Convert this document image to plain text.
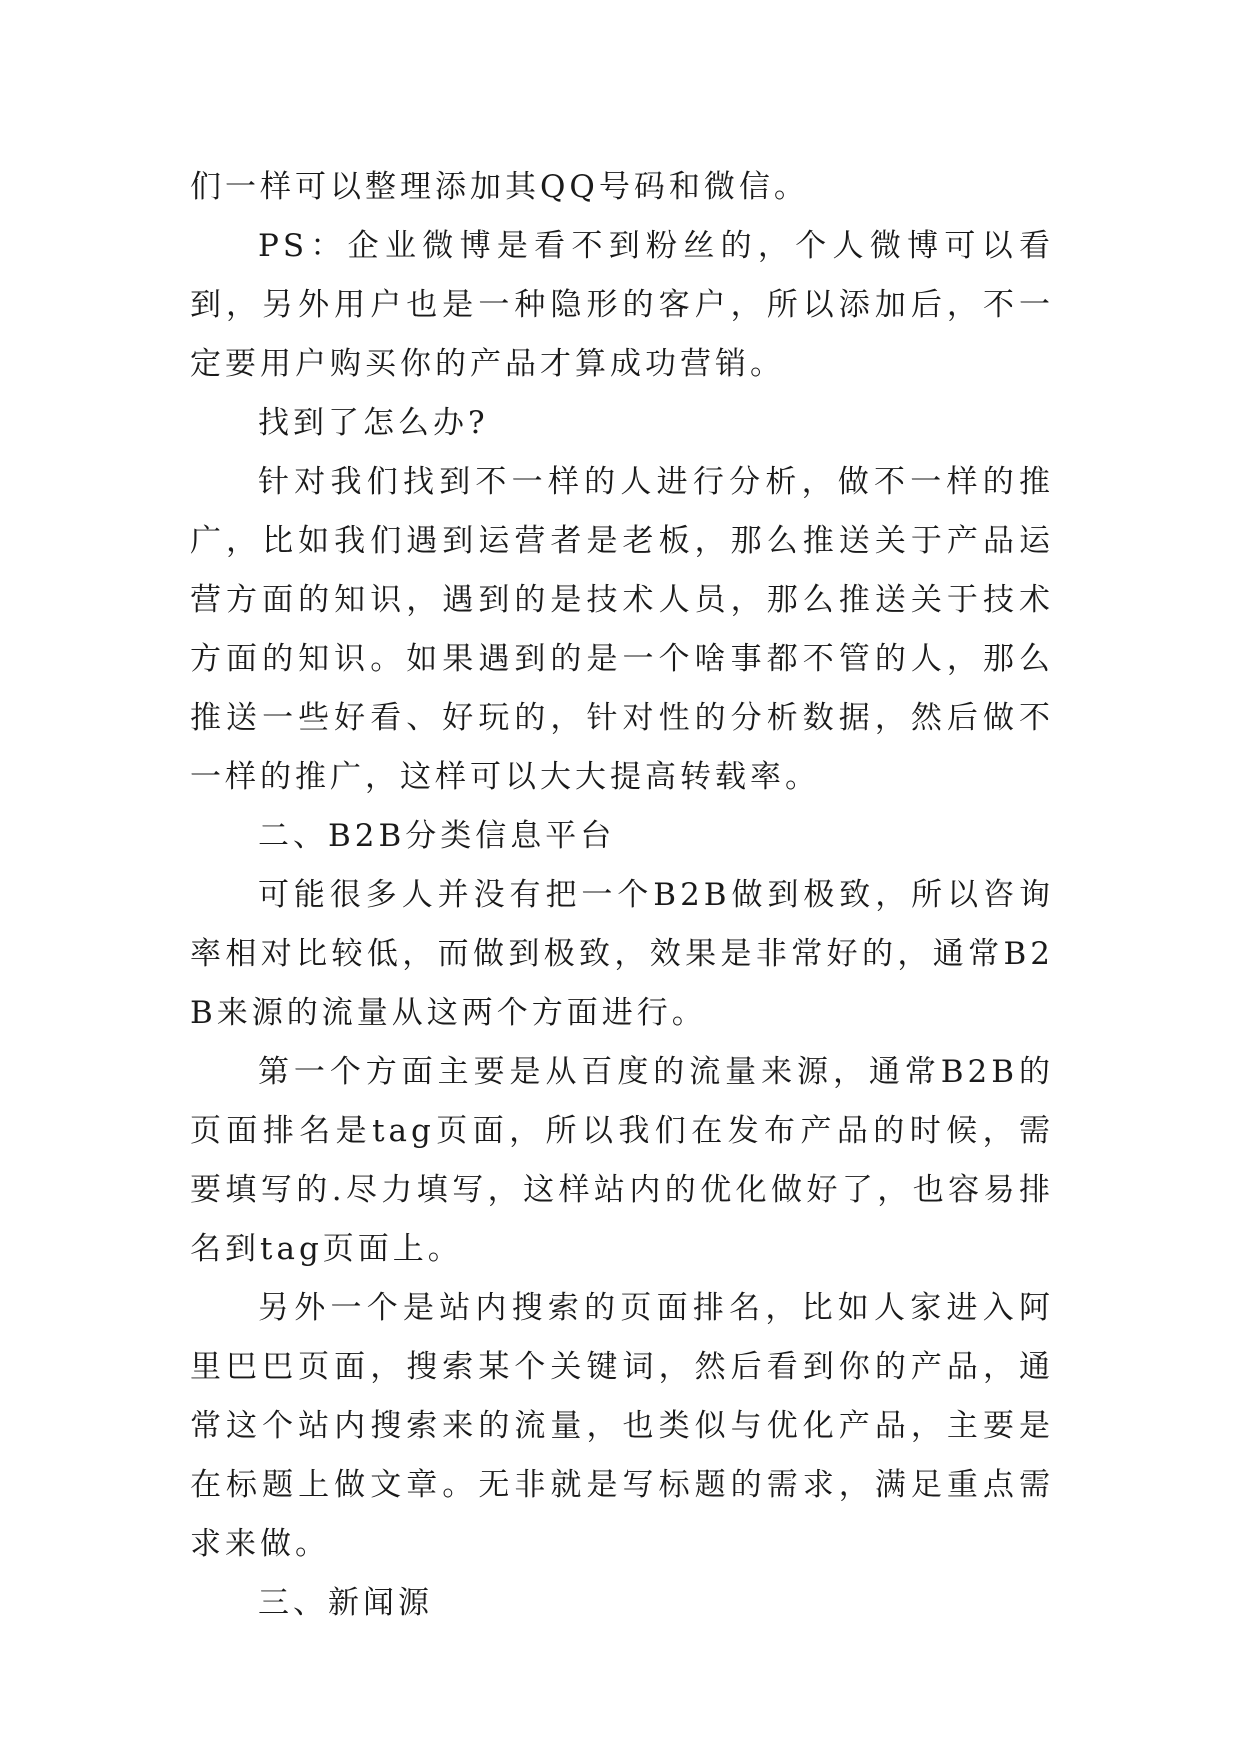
们一样可以整理添加其QQ号码和微信。

PS：企业微博是看不到粉丝的，个人微博可以看到，另外用户也是一种隐形的客户，所以添加后，不一定要用户购买你的产品才算成功营销。

找到了怎么办?

针对我们找到不一样的人进行分析，做不一样的推广，比如我们遇到运营者是老板，那么推送关于产品运营方面的知识，遇到的是技术人员，那么推送关于技术方面的知识。如果遇到的是一个啥事都不管的人，那么推送一些好看、好玩的，针对性的分析数据，然后做不一样的推广，这样可以大大提高转载率。

二、B2B分类信息平台

可能很多人并没有把一个B2B做到极致，所以咨询率相对比较低，而做到极致，效果是非常好的，通常B2B来源的流量从这两个方面进行。

第一个方面主要是从百度的流量来源，通常B2B的页面排名是tag页面，所以我们在发布产品的时候，需要填写的.尽力填写，这样站内的优化做好了，也容易排名到tag页面上。

另外一个是站内搜索的页面排名，比如人家进入阿里巴巴页面，搜索某个关键词，然后看到你的产品，通常这个站内搜索来的流量，也类似与优化产品，主要是在标题上做文章。无非就是写标题的需求，满足重点需求来做。

三、新闻源
